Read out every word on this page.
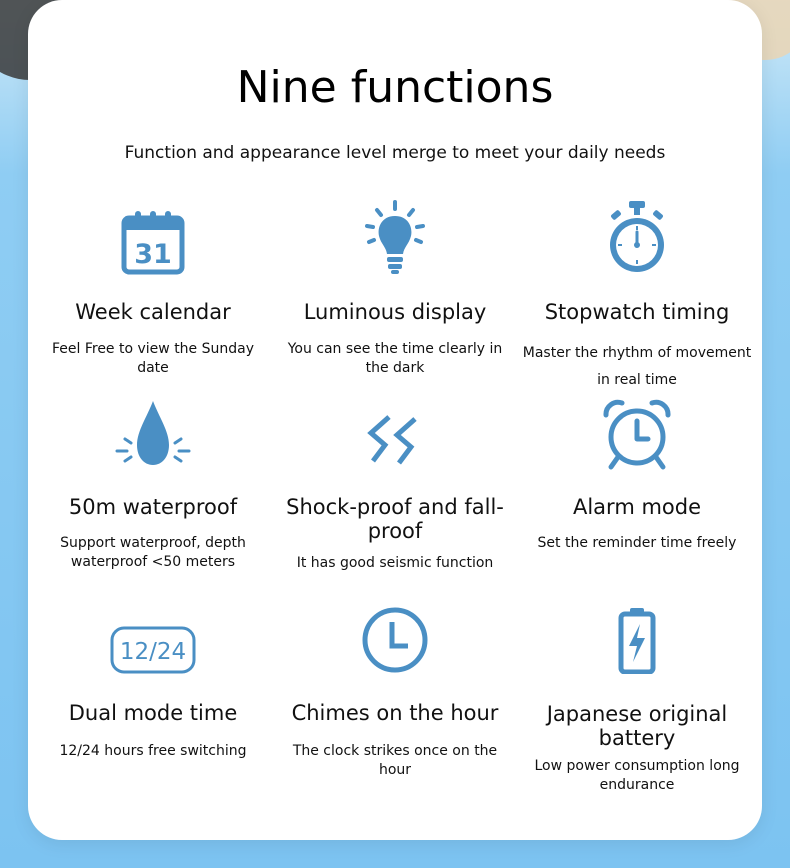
Nine functions
Function and appearance level merge to meet your daily needs
31
Week calendar
Feel Free to view the Sunday date
Luminous display
You can see the time clearly in the dark
Stopwatch timing
Master the rhythm of movement in real time
50m waterproof
Support waterproof, depth waterproof <50 meters
Shock-proof and fall-proof
It has good seismic function
Alarm mode
Set the reminder time freely
12/24
Dual mode time
12/24 hours free switching
Chimes on the hour
The clock strikes once on the hour
Japanese original battery
Low power consumption long endurance
